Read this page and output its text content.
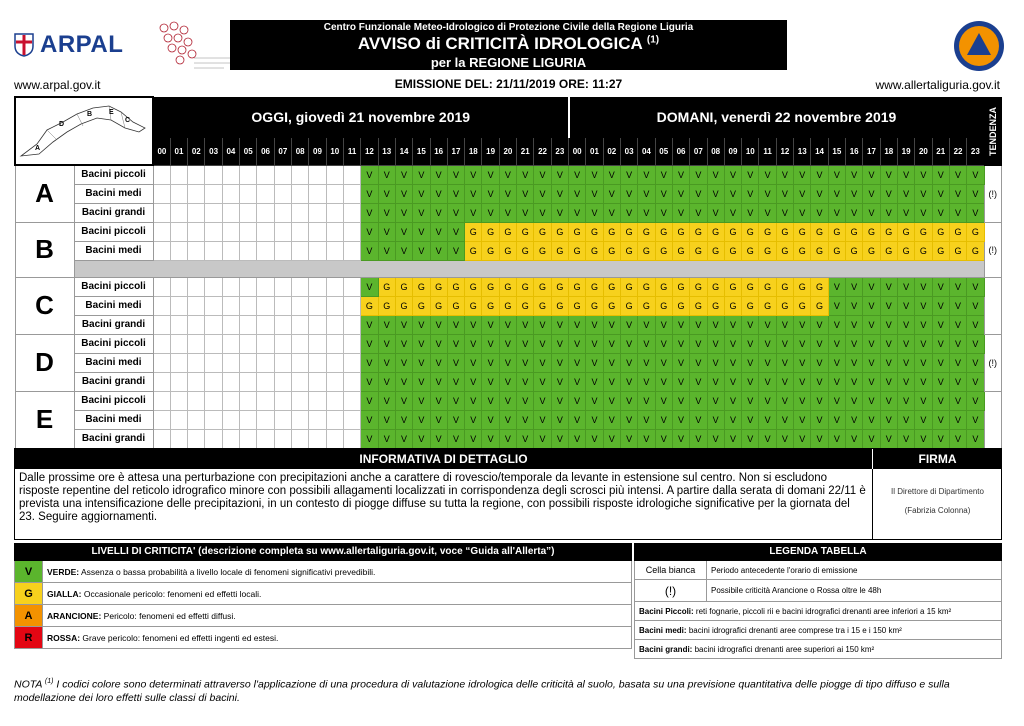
ARPAL
Centro Funzionale Meteo-Idrologico di Protezione Civile della Regione Liguria
AVVISO di CRITICITÀ IDROLOGICA $^{(1)}$
per la REGIONE LIGURIA
www.arpal.gov.it	EMISSIONE DEL: 21/11/2019 ORE: 11:27	www.allertaliguria.gov.it
A
D
B E
C		OGGI, giovedì 21 novembre 2019																								DOMANI, venerdì 22 novembre 2019																								TENDENZA

		00	01	02	03	04	05	06	07	08	09	10	11	12	13	14	15	16	17	18	19	20	21	22	23	00	01	02	03	04	05	06	07	08	09	10	11	12	13	14	15	16	17	18	19	20	21	22	23	
A	Bacini piccoli													V	V	V	V	V	V	V	V	V	V	V	V	V	V	V	V	V	V	V	V	V	V	V	V	V	V	V	V	V	V	V	V	V	V	V	V	(!)
	Bacini medi													V	V	V	V	V	V	V	V	V	V	V	V	V	V	V	V	V	V	V	V	V	V	V	V	V	V	V	V	V	V	V	V	V	V	V	V	
	Bacini grandi													V	V	V	V	V	V	V	V	V	V	V	V	V	V	V	V	V	V	V	V	V	V	V	V	V	V	V	V	V	V	V	V	V	V	V	V	
B	Bacini piccoli													V	V	V	V	V	V	G	G	G	G	G	G	G	G	G	G	G	G	G	G	G	G	G	G	G	G	G	G	G	G	G	G	G	G	G	G	(!)
	Bacini medi													V	V	V	V	V	V	G	G	G	G	G	G	G	G	G	G	G	G	G	G	G	G	G	G	G	G	G	G	G	G	G	G	G	G	G	G	

C	Bacini piccoli													V	G	G	G	G	G	G	G	G	G	G	G	G	G	G	G	G	G	G	G	G	G	G	G	G	G	G	V	V	V	V	V	V	V	V	V	
	Bacini medi													G	G	G	G	G	G	G	G	G	G	G	G	G	G	G	G	G	G	G	G	G	G	G	G	G	G	G	V	V	V	V	V	V	V	V	V	
	Bacini grandi													V	V	V	V	V	V	V	V	V	V	V	V	V	V	V	V	V	V	V	V	V	V	V	V	V	V	V	V	V	V	V	V	V	V	V	V	
D	Bacini piccoli													V	V	V	V	V	V	V	V	V	V	V	V	V	V	V	V	V	V	V	V	V	V	V	V	V	V	V	V	V	V	V	V	V	V	V	V	(!)
	Bacini medi													V	V	V	V	V	V	V	V	V	V	V	V	V	V	V	V	V	V	V	V	V	V	V	V	V	V	V	V	V	V	V	V	V	V	V	V	
	Bacini grandi													V	V	V	V	V	V	V	V	V	V	V	V	V	V	V	V	V	V	V	V	V	V	V	V	V	V	V	V	V	V	V	V	V	V	V	V	
E	Bacini piccoli													V	V	V	V	V	V	V	V	V	V	V	V	V	V	V	V	V	V	V	V	V	V	V	V	V	V	V	V	V	V	V	V	V	V	V	V	
	Bacini medi													V	V	V	V	V	V	V	V	V	V	V	V	V	V	V	V	V	V	V	V	V	V	V	V	V	V	V	V	V	V	V	V	V	V	V	V	
	Bacini grandi													V	V	V	V	V	V	V	V	V	V	V	V	V	V	V	V	V	V	V	V	V	V	V	V	V	V	V	V	V	V	V	V	V	V	V	V	
INFORMATIVA DI DETTAGLIO	FIRMA
Dalle prossime ore è attesa una perturbazione con precipitazioni anche a carattere di rovescio/temporale da levante in estensione sul centro. Non si escludono risposte repentine del reticolo idrografico minore con possibili allagamenti localizzati in corrispondenza degli scrosci più intensi. A partire dalla serata di domani 22/11 è prevista una intensificazione delle precipitazioni, in un contesto di piogge diffuse su tutta la regione, con possibili risposte idrologiche significative per la giornata del 23. Seguire aggiornamenti.
Il Direttore di Dipartimento
(Fabrizia Colonna)
LIVELLI DI CRITICITA' (descrizione completa su www.allertaliguria.gov.it, voce “Guida all'Allerta”)
V	VERDE: Assenza o bassa probabilità a livello locale di fenomeni significativi prevedibili.
G	GIALLA: Occasionale pericolo: fenomeni ed effetti locali.
A	ARANCIONE: Pericolo: fenomeni ed effetti diffusi.
R	ROSSA: Grave pericolo: fenomeni ed effetti ingenti ed estesi.
LEGENDA TABELLA
Cella bianca	Periodo antecedente l'orario di emissione
(!)	Possibile criticità Arancione o Rossa oltre le 48h
Bacini Piccoli: reti fognarie, piccoli rii e bacini idrografici drenanti aree inferiori a 15 km²
Bacini medi: bacini idrografici drenanti aree comprese tra i 15 e i 150 km²
Bacini grandi: bacini idrografici drenanti aree superiori ai 150 km²
NOTA $^{(1)}$ I codici colore sono determinati attraverso l'applicazione di una procedura di valutazione idrologica delle criticità al suolo, basata su una previsione quantitativa delle piogge di tipo diffuso e sulla modellazione dei loro effetti sulle classi di bacini.
